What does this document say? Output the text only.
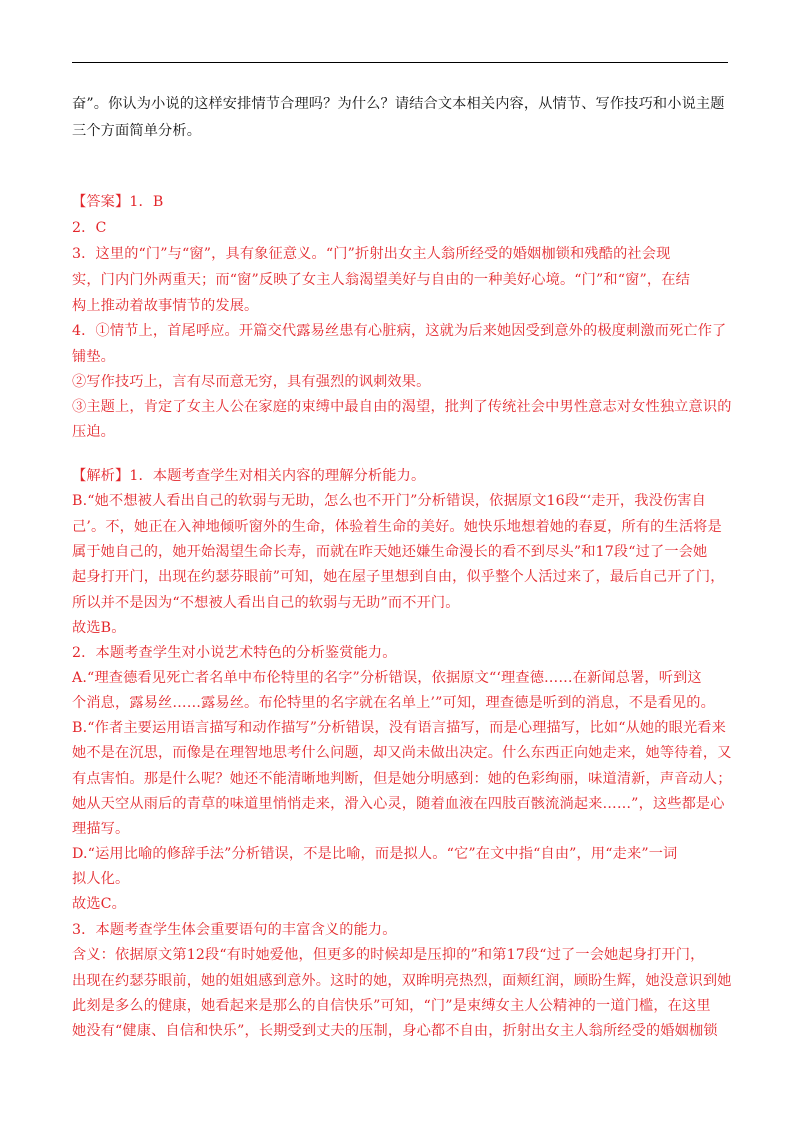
奋”。你认为小说的这样安排情节合理吗？为什么？请结合文本相关内容，从情节、写作技巧和小说主题
三个方面简单分析。
【答案】1．B
2．C
3．这里的“门”与“窗”，具有象征意义。“门”折射出女主人翁所经受的婚姻枷锁和残酷的社会现
实，门内门外两重天；而“窗”反映了女主人翁渴望美好与自由的一种美好心境。“门”和“窗”，在结
构上推动着故事情节的发展。
4．①情节上，首尾呼应。开篇交代露易丝患有心脏病，这就为后来她因受到意外的极度刺激而死亡作了
铺垫。
②写作技巧上，言有尽而意无穷，具有强烈的讽刺效果。
③主题上，肯定了女主人公在家庭的束缚中最自由的渴望，批判了传统社会中男性意志对女性独立意识的
压迫。
【解析】1．本题考查学生对相关内容的理解分析能力。
B.“她不想被人看出自己的软弱与无助，怎么也不开门”分析错误，依据原文16段“‘走开，我没伤害自
己’。不，她正在入神地倾听窗外的生命，体验着生命的美好。她快乐地想着她的春夏，所有的生活将是
属于她自己的，她开始渴望生命长寿，而就在昨天她还嫌生命漫长的看不到尽头”和17段“过了一会她
起身打开门，出现在约瑟芬眼前”可知，她在屋子里想到自由，似乎整个人活过来了，最后自己开了门，
所以并不是因为“不想被人看出自己的软弱与无助”而不开门。
故选B。
2．本题考查学生对小说艺术特色的分析鉴赏能力。
A.“理查德看见死亡者名单中布伦特里的名字”分析错误，依据原文“‘理查德……在新闻总署，听到这
个消息，露易丝……露易丝。布伦特里的名字就在名单上’”可知，理查德是听到的消息，不是看见的。
B.“作者主要运用语言描写和动作描写”分析错误，没有语言描写，而是心理描写，比如“从她的眼光看来
她不是在沉思，而像是在理智地思考什么问题，却又尚未做出决定。什么东西正向她走来，她等待着，又
有点害怕。那是什么呢？她还不能清晰地判断，但是她分明感到：她的色彩绚丽，味道清新，声音动人；
她从天空从雨后的青草的味道里悄悄走来，滑入心灵，随着血液在四肢百骸流淌起来……”，这些都是心
理描写。
D.“运用比喻的修辞手法”分析错误，不是比喻，而是拟人。“它”在文中指“自由”，用“走来”一词
拟人化。
故选C。
3．本题考查学生体会重要语句的丰富含义的能力。
含义：依据原文第12段“有时她爱他，但更多的时候却是压抑的”和第17段“过了一会她起身打开门，
出现在约瑟芬眼前，她的姐姐感到意外。这时的她，双眸明亮热烈，面颊红润，顾盼生辉，她没意识到她
此刻是多么的健康，她看起来是那么的自信快乐”可知，“门”是束缚女主人公精神的一道门槛，在这里
她没有“健康、自信和快乐”，长期受到丈夫的压制，身心都不自由，折射出女主人翁所经受的婚姻枷锁
